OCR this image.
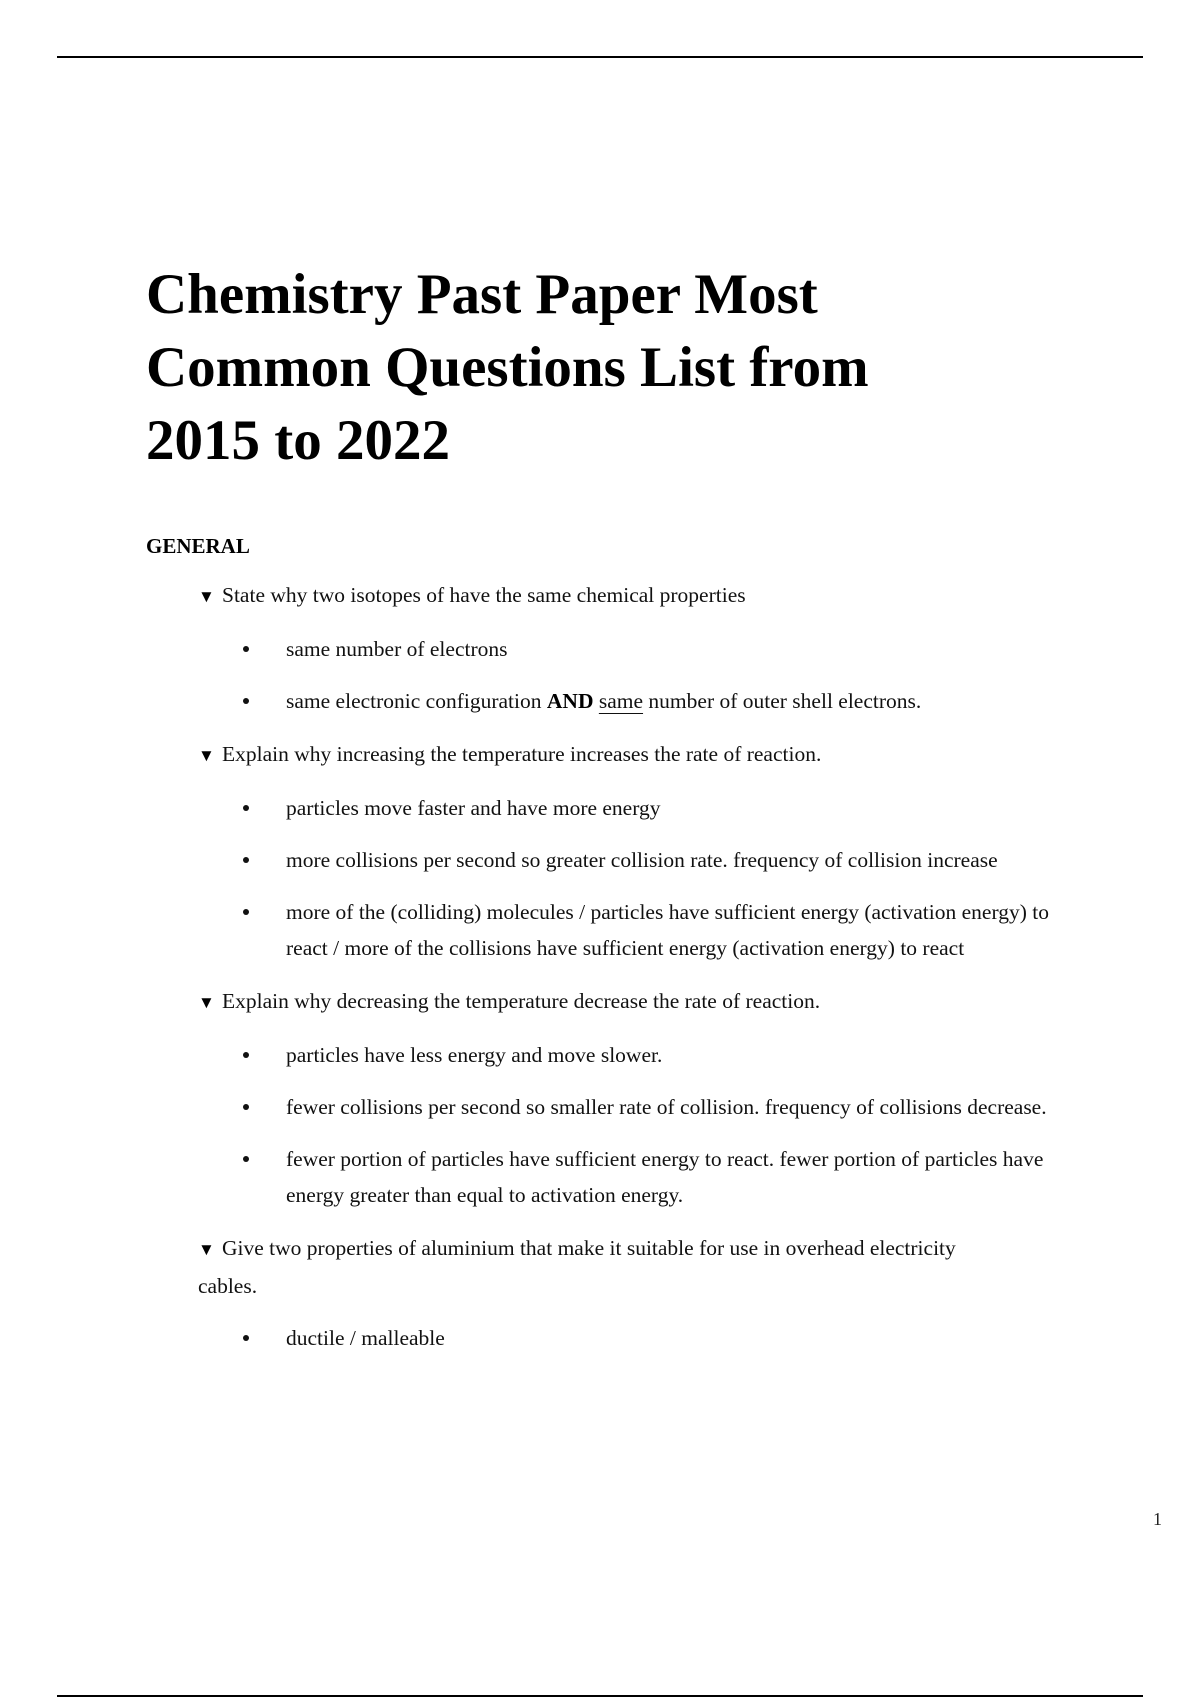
Chemistry Past Paper Most Common Questions List from 2015 to 2022
GENERAL
▼ State why two isotopes of have the same chemical properties
same number of electrons
same electronic configuration AND same number of outer shell electrons.
▼ Explain why increasing the temperature increases the rate of reaction.
particles move faster and have more energy
more collisions per second so greater collision rate. frequency of collision increase
more of the (colliding) molecules / particles have sufficient energy (activation energy) to react / more of the collisions have sufficient energy (activation energy) to react
▼ Explain why decreasing the temperature decrease the rate of reaction.
particles have less energy and move slower.
fewer collisions per second so smaller rate of collision. frequency of collisions decrease.
fewer portion of particles have sufficient energy to react. fewer portion of particles have energy greater than equal to activation energy.
▼ Give two properties of aluminium that make it suitable for use in overhead electricity cables.
ductile / malleable
1
